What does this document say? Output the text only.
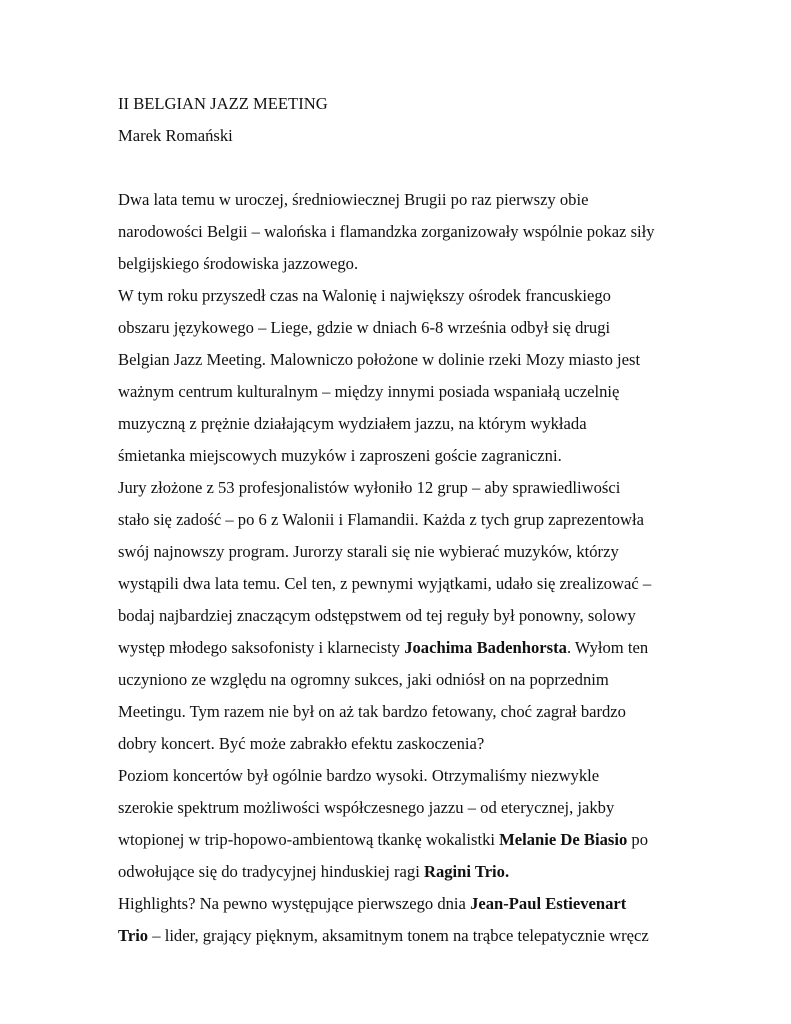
II BELGIAN JAZZ MEETING
Marek Romański
Dwa lata temu w uroczej, średniowiecznej Brugii po raz pierwszy obie
narodowości Belgii – walońska i flamandzka zorganizowały wspólnie pokaz siły
belgijskiego środowiska jazzowego.
W tym roku przyszedł czas na Walonię i największy ośrodek francuskiego
obszaru językowego – Liege, gdzie w dniach 6-8 września odbył się drugi
Belgian Jazz Meeting. Malowniczo położone w dolinie rzeki Mozy miasto jest
ważnym centrum kulturalnym – między innymi posiada wspaniałą uczelnię
muzyczną z prężnie działającym wydziałem jazzu, na którym wykłada
śmietanka miejscowych muzyków i zaproszeni goście zagraniczni.
Jury złożone z 53 profesjonalistów wyłoniło 12 grup – aby sprawiedliwości
stało się zadość – po 6 z Walonii i Flamandii. Każda z tych grup zaprezentowła
swój najnowszy program. Jurorzy starali się nie wybierać muzyków, którzy
wystąpili dwa lata temu. Cel ten, z pewnymi wyjątkami, udało się zrealizować –
bodaj najbardziej znaczącym odstępstwem od tej reguły był ponowny, solowy
występ młodego saksofonisty i klarnecisty Joachima Badenhorsta. Wyłom ten
uczyniono ze względu na ogromny sukces, jaki odniósł on na poprzednim
Meetingu. Tym razem nie był on aż tak bardzo fetowany, choć zagrał bardzo
dobry koncert. Być może zabrakło efektu zaskoczenia?
Poziom koncertów był ogólnie bardzo wysoki. Otrzymaliśmy niezwykle
szerokie spektrum możliwości współczesnego jazzu – od eterycznej, jakby
wtopionej w trip-hopowo-ambientową tkankę wokalistki Melanie De Biasio po
odwołujące się do tradycyjnej hinduskiej ragi Ragini Trio.
Highlights? Na pewno występujące pierwszego dnia Jean-Paul Estievenart
Trio – lider, grający pięknym, aksamitnym tonem na trąbce telepatycznie wręcz
